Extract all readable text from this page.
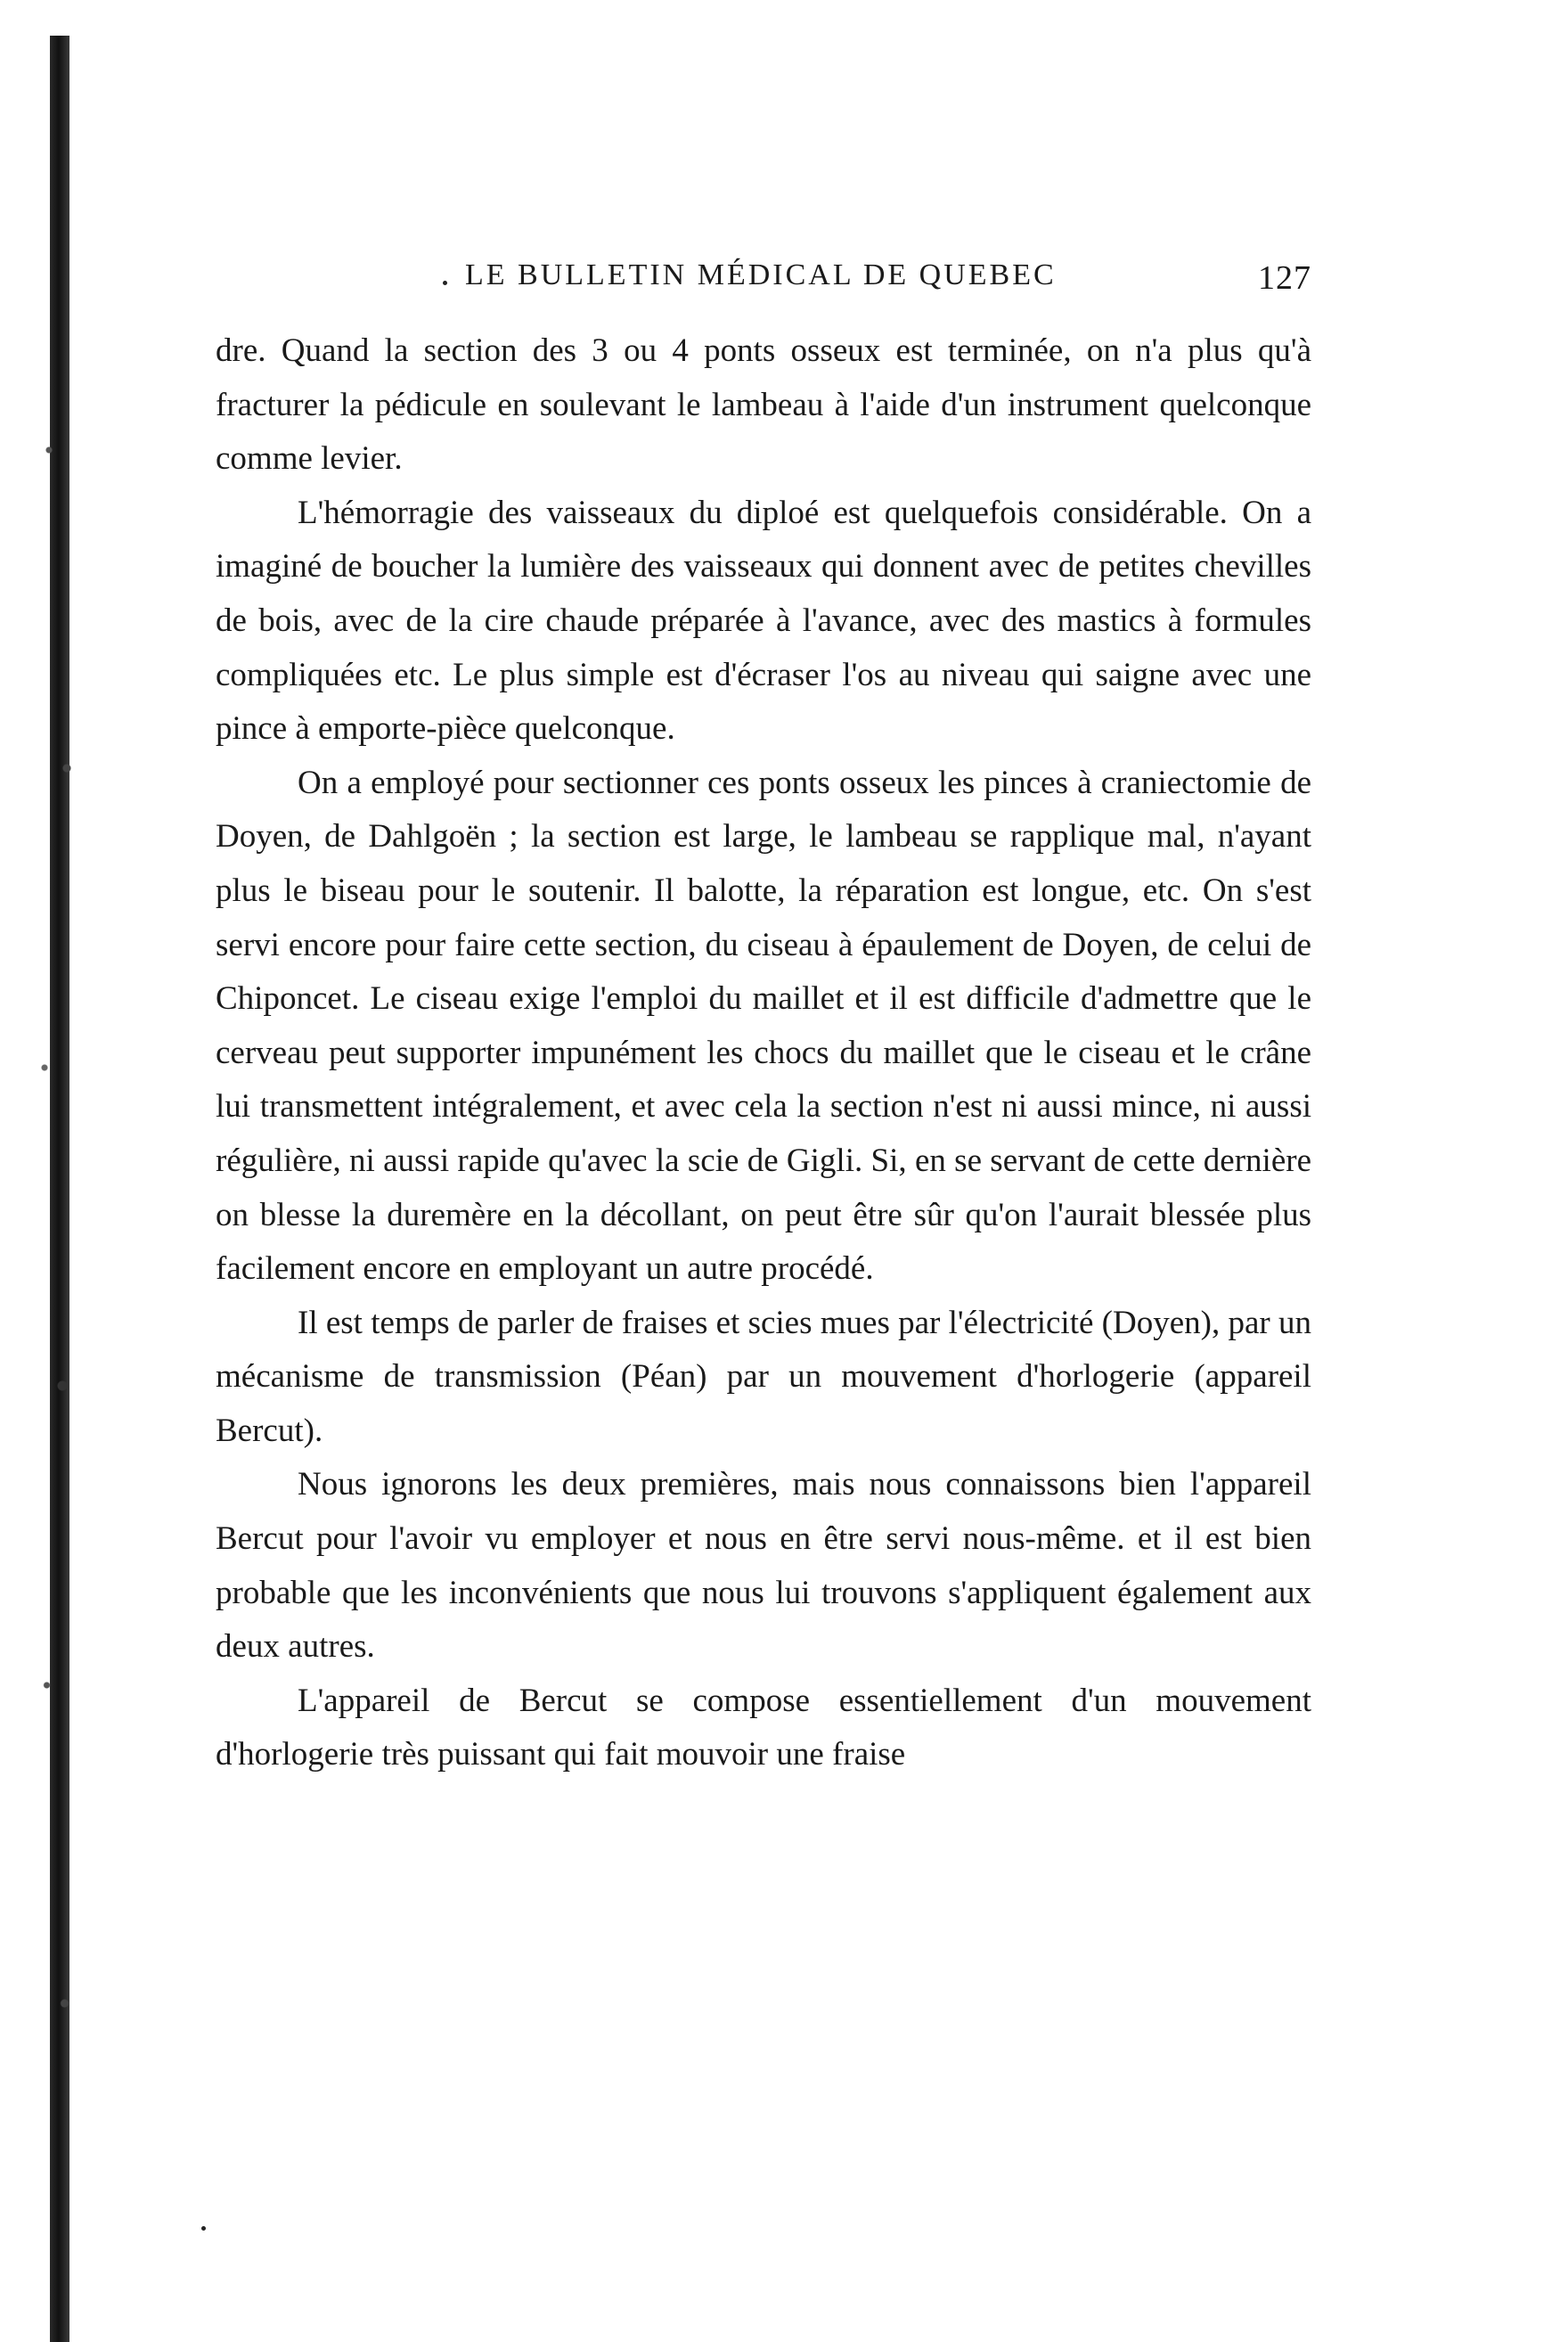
LE BULLETIN MÉDICAL DE QUEBEC	127

dre. Quand la section des 3 ou 4 ponts osseux est terminée, on n'a plus qu'à fracturer la pédicule en soulevant le lambeau à l'aide d'un instrument quelconque comme levier.

L'hémorragie des vaisseaux du diploé est quelquefois considérable. On a imaginé de boucher la lumière des vaisseaux qui donnent avec de petites chevilles de bois, avec de la cire chaude préparée à l'avance, avec des mastics à formules compliquées etc. Le plus simple est d'écraser l'os au niveau qui saigne avec une pince à emporte-pièce quelconque.

On a employé pour sectionner ces ponts osseux les pinces à craniectomie de Doyen, de Dahlgoën ; la section est large, le lambeau se rapplique mal, n'ayant plus le biseau pour le soutenir. Il balotte, la réparation est longue, etc. On s'est servi encore pour faire cette section, du ciseau à épaulement de Doyen, de celui de Chiponcet. Le ciseau exige l'emploi du maillet et il est difficile d'admettre que le cerveau peut supporter impunément les chocs du maillet que le ciseau et le crâne lui transmettent intégralement, et avec cela la section n'est ni aussi mince, ni aussi régulière, ni aussi rapide qu'avec la scie de Gigli. Si, en se servant de cette dernière on blesse la duremère en la décollant, on peut être sûr qu'on l'aurait blessée plus facilement encore en employant un autre procédé.

Il est temps de parler de fraises et scies mues par l'électricité (Doyen), par un mécanisme de transmission (Péan) par un mouvement d'horlogerie (appareil Bercut).

Nous ignorons les deux premières, mais nous connaissons bien l'appareil Bercut pour l'avoir vu employer et nous en être servi nous-même. et il est bien probable que les inconvénients que nous lui trouvons s'appliquent également aux deux autres.

L'appareil de Bercut se compose essentiellement d'un mouvement d'horlogerie très puissant qui fait mouvoir une fraise
